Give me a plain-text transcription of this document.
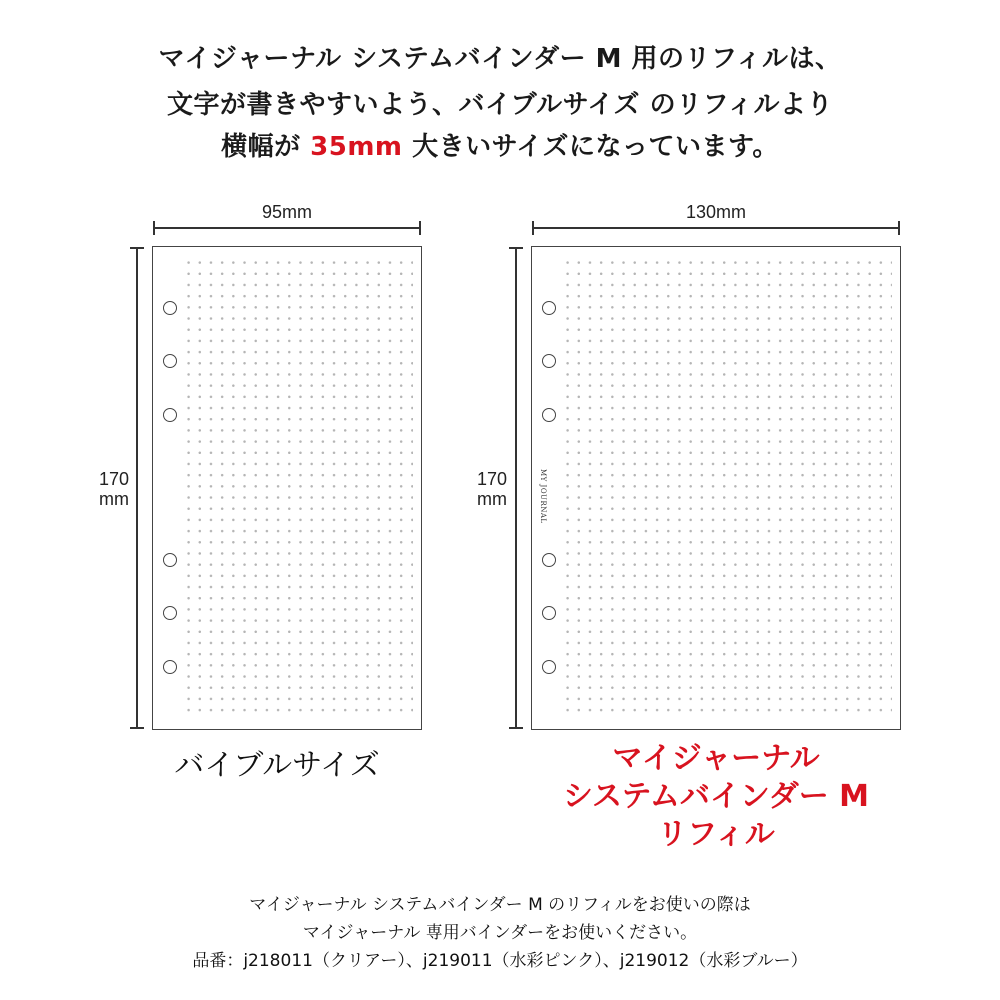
マイジャーナル システムバインダー M 用のリフィルは、
文字が書きやすいよう、バイブルサイズ のリフィルより
横幅が 35mm 大きいサイズになっています。
95mm
170
mm
バイブルサイズ
130mm
170
mm	MY JOURNAL
マイジャーナル
システムバインダー M
リフィル
マイジャーナル システムバインダー M のリフィルをお使いの際は
マイジャーナル 専用バインダーをお使いください。
品番：j218011（クリアー）、j219011（水彩ピンク）、j219012（水彩ブルー）
